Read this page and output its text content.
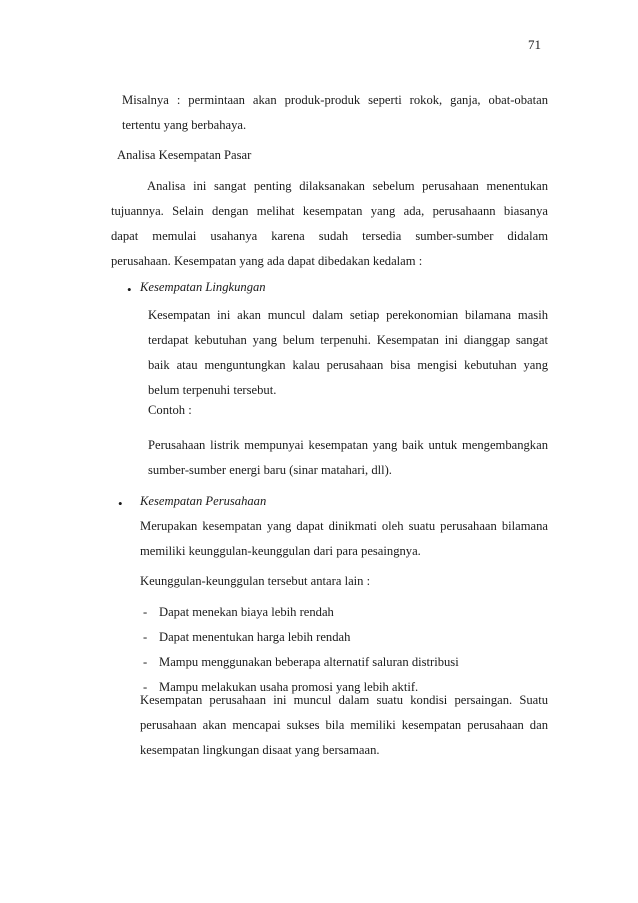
71
Misalnya : permintaan akan produk-produk seperti rokok, ganja, obat-obatan
tertentu yang berbahaya.
Analisa Kesempatan Pasar
Analisa ini sangat penting dilaksanakan sebelum perusahaan menentukan
tujuannya. Selain dengan melihat kesempatan yang ada, perusahaann biasanya
dapat memulai usahanya karena sudah tersedia sumber-sumber didalam
perusahaan. Kesempatan yang ada dapat dibedakan kedalam :
• Kesempatan Lingkungan
Kesempatan ini akan muncul dalam setiap perekonomian bilamana masih
terdapat kebutuhan yang belum terpenuhi. Kesempatan ini dianggap sangat
baik atau menguntungkan kalau perusahaan bisa mengisi kebutuhan yang
belum terpenuhi tersebut.
Contoh :
Perusahaan listrik mempunyai kesempatan yang baik untuk mengembangkan
sumber-sumber energi baru (sinar matahari, dll).
• Kesempatan Perusahaan
Merupakan kesempatan yang dapat dinikmati oleh suatu perusahaan bilamana
memiliki keunggulan-keunggulan dari para pesaingnya.
Keunggulan-keunggulan tersebut antara lain :
- Dapat menekan biaya lebih rendah
- Dapat menentukan harga lebih rendah
- Mampu menggunakan beberapa alternatif saluran distribusi
- Mampu melakukan usaha promosi yang lebih aktif.
Kesempatan perusahaan ini muncul dalam suatu kondisi persaingan. Suatu
perusahaan akan mencapai sukses bila memiliki kesempatan perusahaan dan
kesempatan lingkungan disaat yang bersamaan.
